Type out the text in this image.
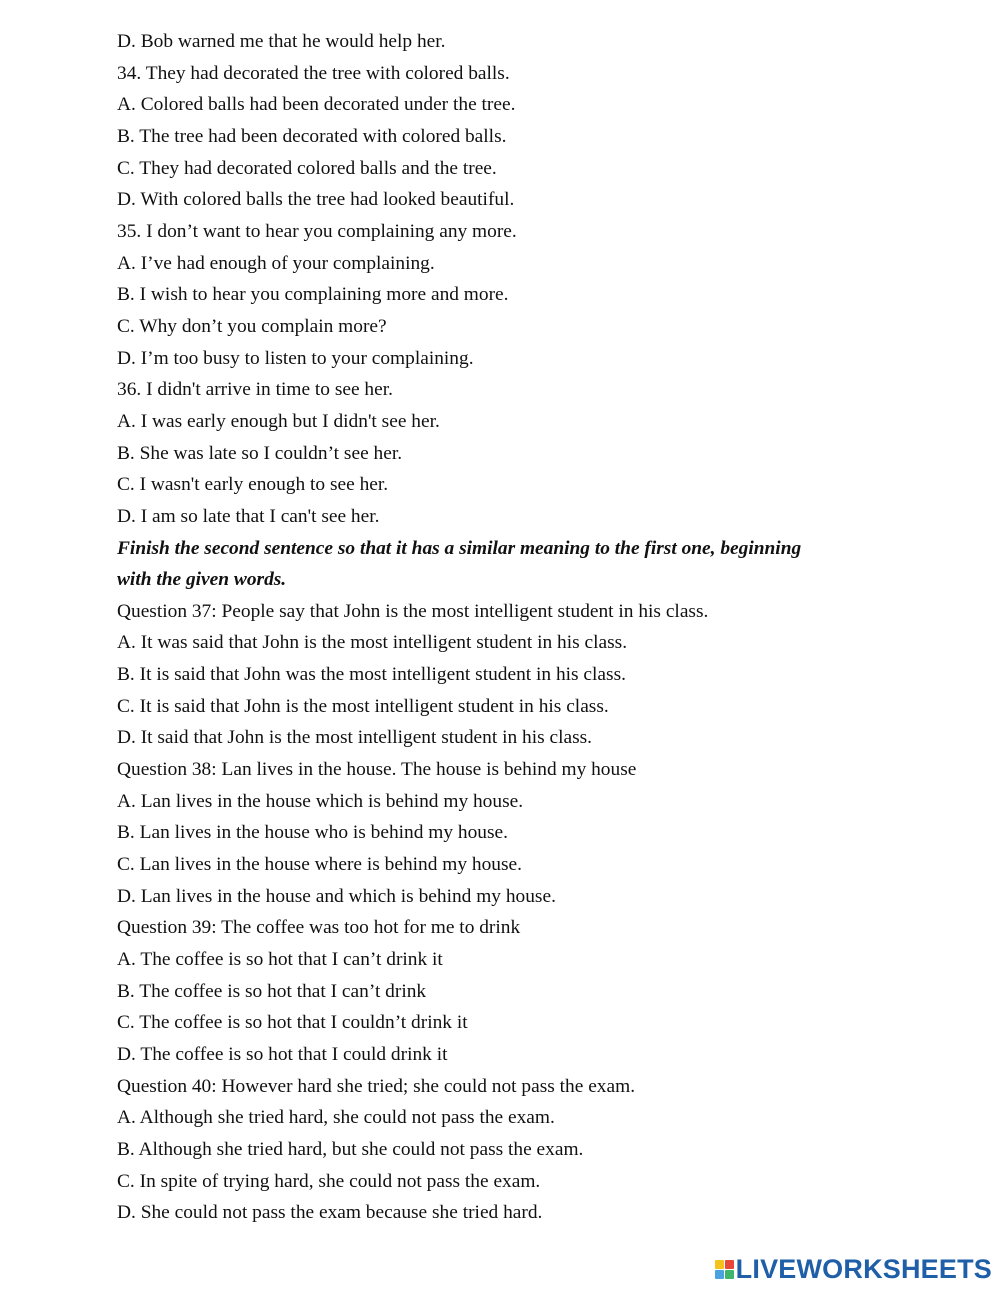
D. Bob warned me that he would help her.
34. They had decorated the tree with colored balls.
A. Colored balls had been decorated under the tree.
B. The tree had been decorated with colored balls.
C. They had decorated colored balls and the tree.
D. With colored balls the tree had looked beautiful.
35. I don’t want to hear you complaining any more.
A. I’ve had enough of your complaining.
B. I wish to hear you complaining more and more.
C. Why don’t you complain more?
D. I’m too busy to listen to your complaining.
36. I didn't arrive in time to see her.
A. I was early enough but I didn't see her.
B. She was late so I couldn’t see her.
C. I wasn't early enough to see her.
D. I am so late that I can't see her.
Finish the second sentence so that it has a similar meaning to the first one, beginning
with the given words.
Question 37: People say that John is the most intelligent student in his class.
A. It was said that John is the most intelligent student in his class.
B. It is said that John was the most intelligent student in his class.
C. It is said that John is the most intelligent student in his class.
D. It said that John is the most intelligent student in his class.
Question 38: Lan lives in the house. The house is behind my house
A. Lan lives in the house which is behind my house.
B. Lan lives in the house who is behind my house.
C. Lan lives in the house where is behind my house.
D. Lan lives in the house and which is behind my house.
Question 39: The coffee was too hot for me to drink
A. The coffee is so hot that I can’t drink it
B. The coffee is so hot that I can’t drink
C. The coffee is so hot that I couldn’t drink it
D. The coffee is so hot that I could drink it
Question 40: However hard she tried; she could not pass the exam.
A. Although she tried hard, she could not pass the exam.
B. Although she tried hard, but she could not pass the exam.
C. In spite of trying hard, she could not pass the exam.
D. She could not pass the exam because she tried hard.
LIVEWORKSHEETS
